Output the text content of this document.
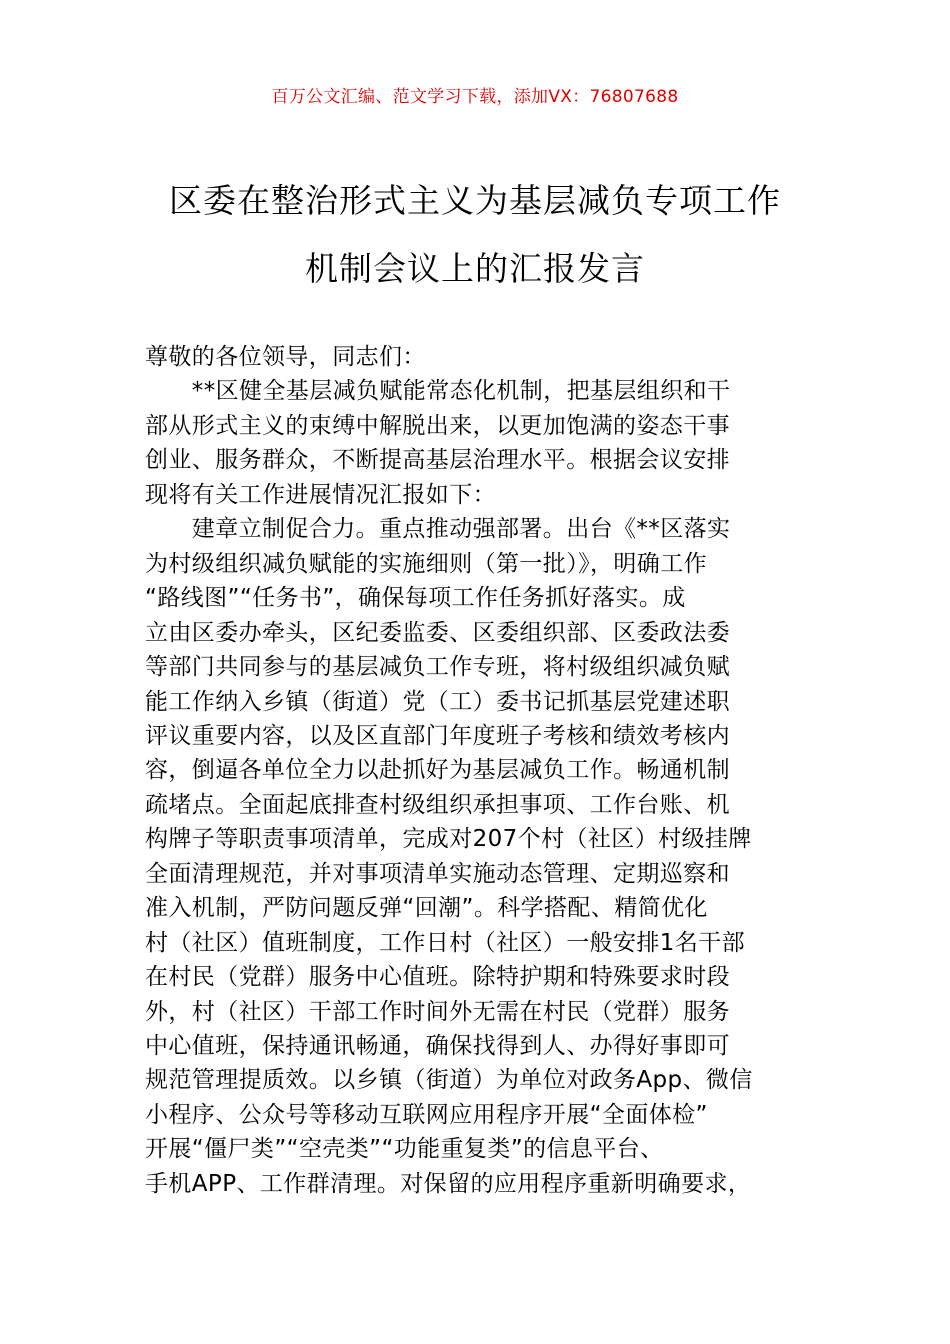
百万公文汇编、范文学习下载，添加VX：76807688
区委在整治形式主义为基层减负专项工作
机制会议上的汇报发言
尊敬的各位领导，同志们：
　　**区健全基层减负赋能常态化机制，把基层组织和干
部从形式主义的束缚中解脱出来，以更加饱满的姿态干事
创业、服务群众，不断提高基层治理水平。根据会议安排
现将有关工作进展情况汇报如下：
　　建章立制促合力。重点推动强部署。出台《**区落实
为村级组织减负赋能的实施细则（第一批）》，明确工作
“路线图”“任务书”，确保每项工作任务抓好落实。成
立由区委办牵头，区纪委监委、区委组织部、区委政法委
等部门共同参与的基层减负工作专班，将村级组织减负赋
能工作纳入乡镇（街道）党（工）委书记抓基层党建述职
评议重要内容，以及区直部门年度班子考核和绩效考核内
容，倒逼各单位全力以赴抓好为基层减负工作。畅通机制
疏堵点。全面起底排查村级组织承担事项、工作台账、机
构牌子等职责事项清单，完成对207个村（社区）村级挂牌
全面清理规范，并对事项清单实施动态管理、定期巡察和
准入机制，严防问题反弹“回潮”。科学搭配、精简优化
村（社区）值班制度，工作日村（社区）一般安排1名干部
在村民（党群）服务中心值班。除特护期和特殊要求时段
外，村（社区）干部工作时间外无需在村民（党群）服务
中心值班，保持通讯畅通，确保找得到人、办得好事即可
规范管理提质效。以乡镇（街道）为单位对政务App、微信
小程序、公众号等移动互联网应用程序开展“全面体检”
开展“僵尸类”“空壳类”“功能重复类”的信息平台、
手机APP、工作群清理。对保留的应用程序重新明确要求，
